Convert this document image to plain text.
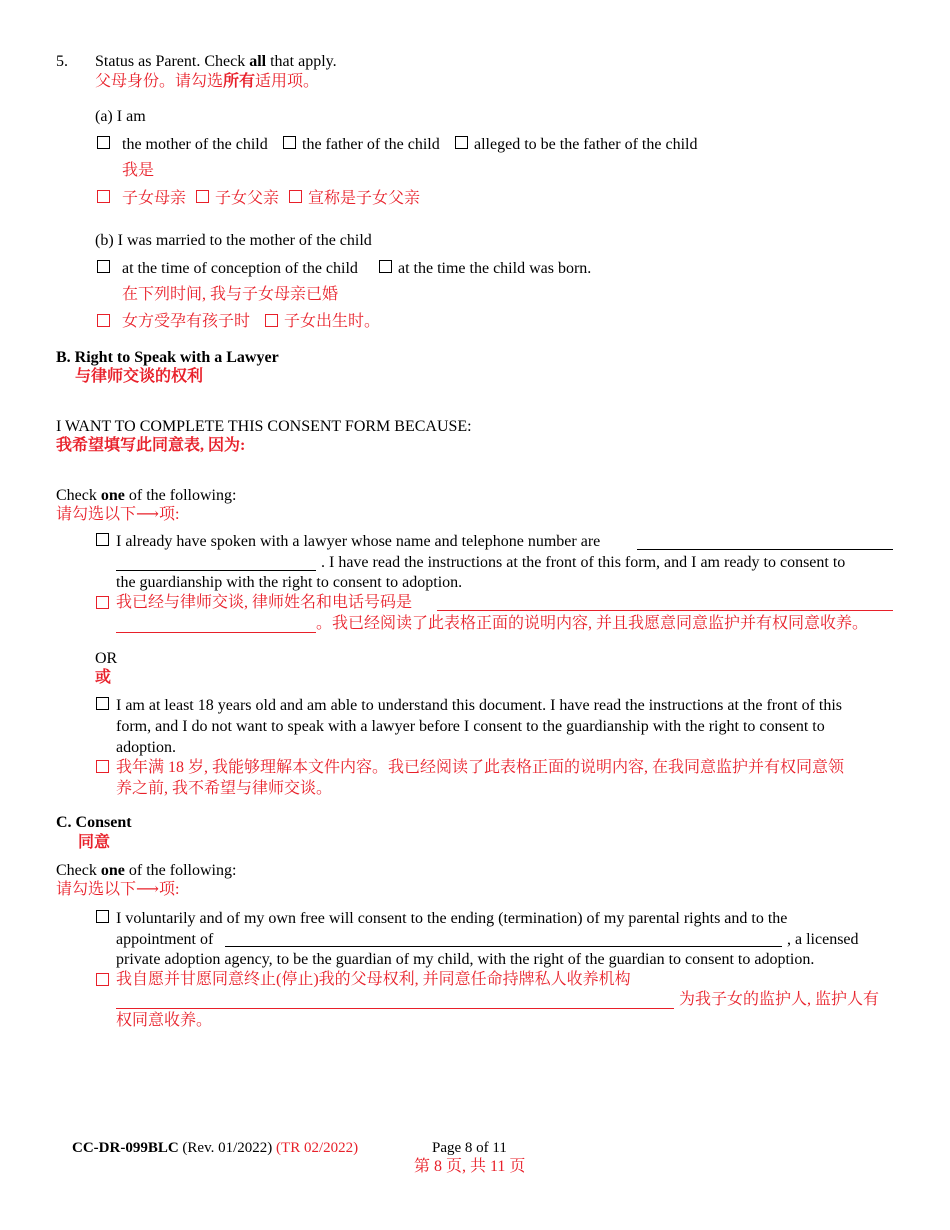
5. Status as Parent. Check all that apply.
父母身份。请勾选所有适用项。
(a) I am
the mother of the child the father of the child alleged to be the father of the child
我是
子女母亲 子女父亲 宣称是子女父亲
(b) I was married to the mother of the child
at the time of conception of the child	at the time the child was born.
在下列时间, 我与子女母亲已婚
女方受孕有孩子时 子女出生时。
B. Right to Speak with a Lawyer
与律师交谈的权利
I WANT TO COMPLETE THIS CONSENT FORM BECAUSE:
我希望填写此同意表, 因为:
Check one of the following:
请勾选以下⟶项:
I already have spoken with a lawyer whose name and telephone number are
. I have read the instructions at the front of this form, and I am ready to consent to
the guardianship with the right to consent to adoption.
我已经与律师交谈, 律师姓名和电话号码是
。我已经阅读了此表格正面的说明内容, 并且我愿意同意监护并有权同意收养。
OR
或
I am at least 18 years old and am able to understand this document. I have read the instructions at the front of this
form, and I do not want to speak with a lawyer before I consent to the guardianship with the right to consent to
adoption.
我年满 18 岁, 我能够理解本文件内容。我已经阅读了此表格正面的说明内容, 在我同意监护并有权同意领
养之前, 我不希望与律师交谈。
C. Consent
同意
Check one of the following:
请勾选以下⟶项:
I voluntarily and of my own free will consent to the ending (termination) of my parental rights and to the
appointment of	, a licensed
private adoption agency, to be the guardian of my child, with the right of the guardian to consent to adoption.
我自愿并甘愿同意终止(停止)我的父母权利, 并同意任命持牌私人收养机构
为我子女的监护人, 监护人有
权同意收养。
CC-DR-099BLC (Rev. 01/2022) (TR 02/2022)	Page 8 of 11
第 8 页, 共 11 页
